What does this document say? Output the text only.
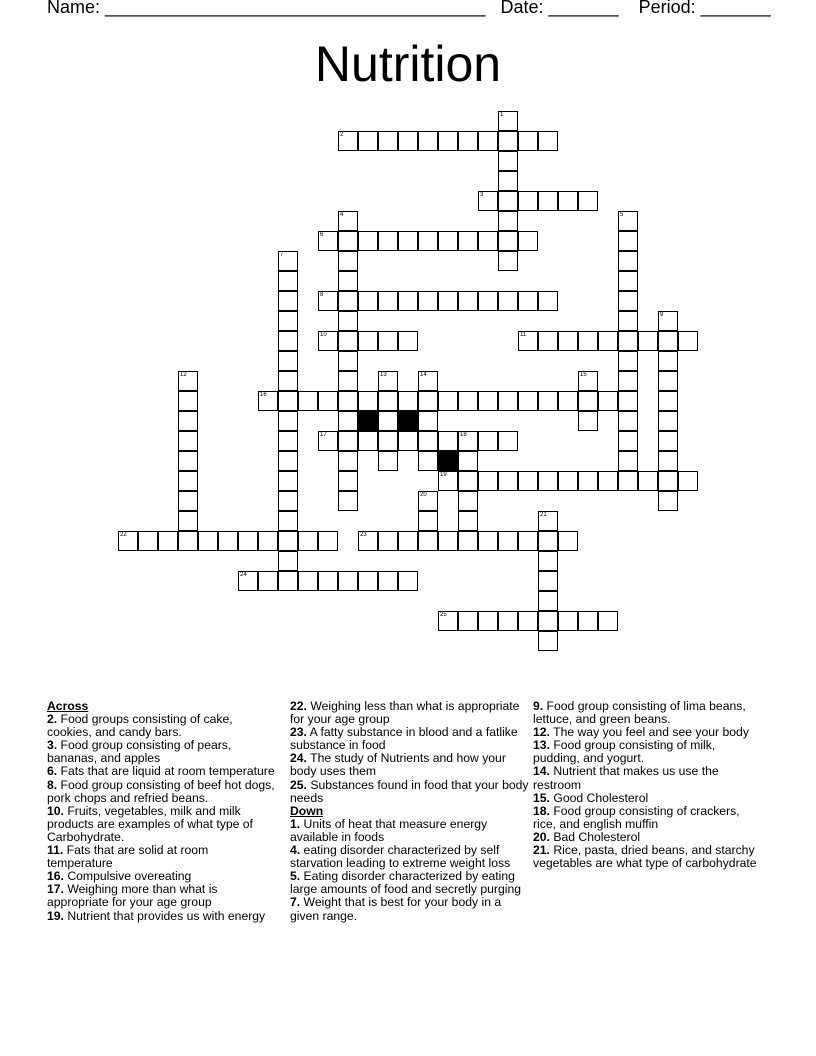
Name: ______________________________________ Date: _______ Period: _______
Nutrition
1
2
3
4	5
6
7
8
9
10	11
12	13	14	15
16
17	18
19
20
21
22	23
24
25
Across
2. Food groups consisting of cake, cookies, and candy bars.
3. Food group consisting of pears, bananas, and apples
6. Fats that are liquid at room temperature
8. Food group consisting of beef hot dogs, pork chops and refried beans.
10. Fruits, vegetables, milk and milk products are examples of what type of Carbohydrate.
11. Fats that are solid at room temperature
16. Compulsive overeating
17. Weighing more than what is appropriate for your age group
19. Nutrient that provides us with energy
22. Weighing less than what is appropriate for your age group
23. A fatty substance in blood and a fatlike substance in food
24. The study of Nutrients and how your body uses them
25. Substances found in food that your body needs
Down
1. Units of heat that measure energy available in foods
4. eating disorder characterized by self starvation leading to extreme weight loss
5. Eating disorder characterized by eating large amounts of food and secretly purging
7. Weight that is best for your body in a given range.
9. Food group consisting of lima beans, lettuce, and green beans.
12. The way you feel and see your body
13. Food group consisting of milk, pudding, and yogurt.
14. Nutrient that makes us use the restroom
15. Good Cholesterol
18. Food group consisting of crackers, rice, and english muffin
20. Bad Cholesterol
21. Rice, pasta, dried beans, and starchy vegetables are what type of carbohydrate
